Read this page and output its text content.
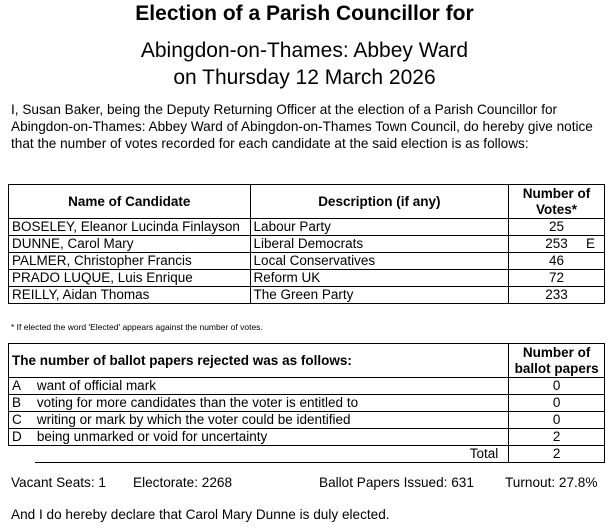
Election of a Parish Councillor for
Abingdon-on-Thames: Abbey Ward
on Thursday 12 March 2026
I, Susan Baker, being the Deputy Returning Officer at the election of a Parish Councillor for Abingdon-on-Thames: Abbey Ward of Abingdon-on-Thames Town Council, do hereby give notice that the number of votes recorded for each candidate at the said election is as follows:
Name of Candidate	Description (if any)	Number of Votes*
BOSELEY, Eleanor Lucinda Finlayson	Labour Party	25

DUNNE, Carol Mary	Liberal Democrats	253 E

PALMER, Christopher Francis	Local Conservatives	46

PRADO LUQUE, Luis Enrique	Reform UK	72

REILLY, Aidan Thomas	The Green Party	233
* If elected the word 'Elected' appears against the number of votes.
The number of ballot papers rejected was as follows:		Number of ballot papers
A	want of official mark	0
B	voting for more candidates than the voter is entitled to	0
C	writing or mark by which the voter could be identified	0
D	being unmarked or void for uncertainty	2
	Total	2
Vacant Seats: 1 Electorate: 2268	Ballot Papers Issued: 631 Turnout: 27.8%
And I do hereby declare that Carol Mary Dunne is duly elected.
